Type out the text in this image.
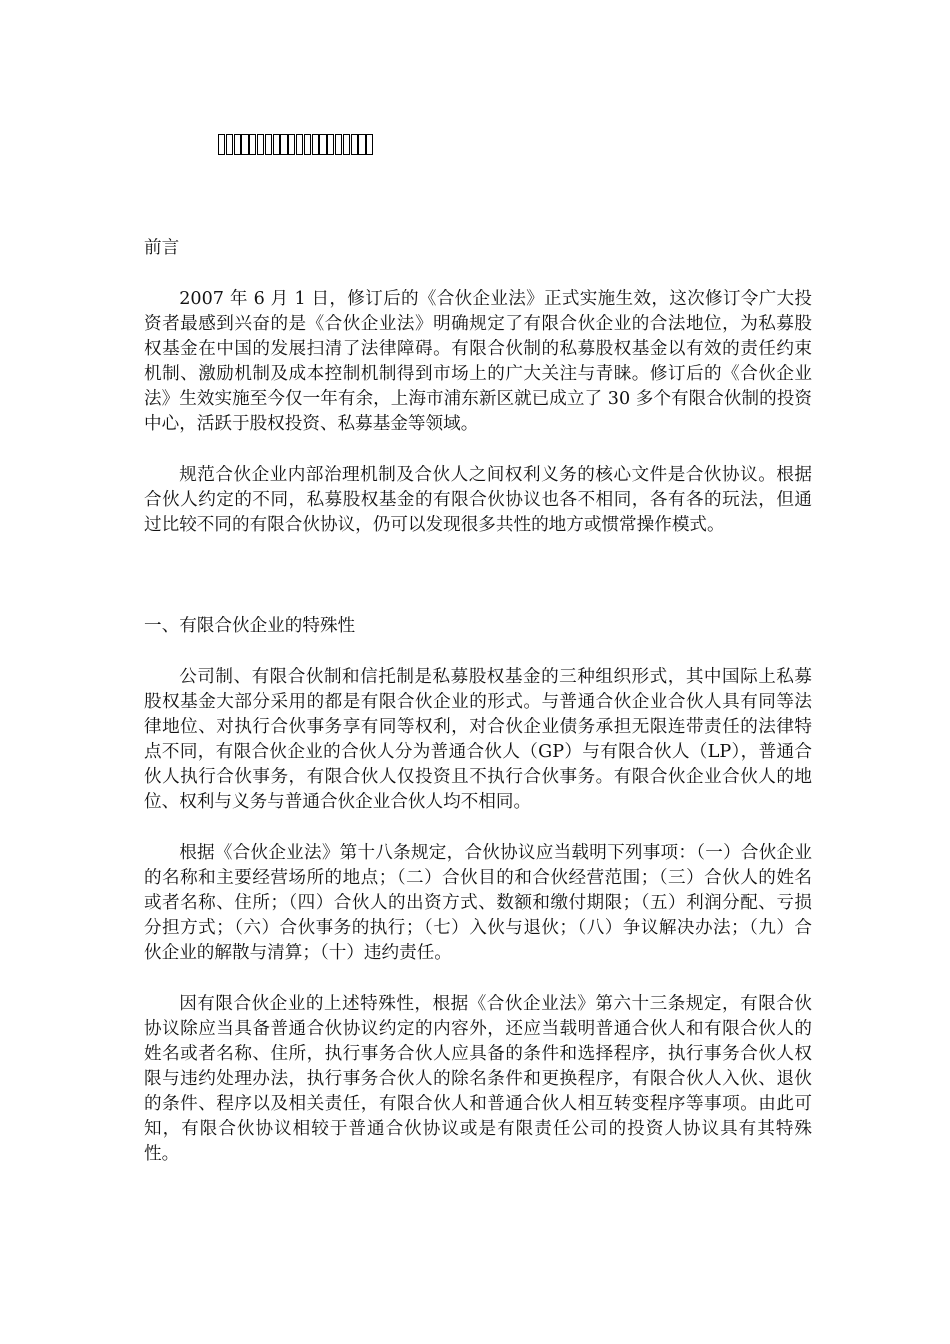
前言

2007 年 6 月 1 日，修订后的《合伙企业法》正式实施生效，这次修订令广大投资者最感到兴奋的是《合伙企业法》明确规定了有限合伙企业的合法地位，为私募股权基金在中国的发展扫清了法律障碍。有限合伙制的私募股权基金以有效的责任约束机制、激励机制及成本控制机制得到市场上的广大关注与青睐。修订后的《合伙企业法》生效实施至今仅一年有余，上海市浦东新区就已成立了 30 多个有限合伙制的投资中心，活跃于股权投资、私募基金等领域。

规范合伙企业内部治理机制及合伙人之间权利义务的核心文件是合伙协议。根据合伙人约定的不同，私募股权基金的有限合伙协议也各不相同，各有各的玩法，但通过比较不同的有限合伙协议，仍可以发现很多共性的地方或惯常操作模式。

一、有限合伙企业的特殊性

公司制、有限合伙制和信托制是私募股权基金的三种组织形式，其中国际上私募股权基金大部分采用的都是有限合伙企业的形式。与普通合伙企业合伙人具有同等法律地位、对执行合伙事务享有同等权利，对合伙企业债务承担无限连带责任的法律特点不同，有限合伙企业的合伙人分为普通合伙人（GP）与有限合伙人（LP），普通合伙人执行合伙事务，有限合伙人仅投资且不执行合伙事务。有限合伙企业合伙人的地位、权利与义务与普通合伙企业合伙人均不相同。

根据《合伙企业法》第十八条规定，合伙协议应当载明下列事项：（一）合伙企业的名称和主要经营场所的地点；（二）合伙目的和合伙经营范围；（三）合伙人的姓名或者名称、住所；（四）合伙人的出资方式、数额和缴付期限；（五）利润分配、亏损分担方式；（六）合伙事务的执行；（七）入伙与退伙；（八）争议解决办法；（九）合伙企业的解散与清算；（十）违约责任。

因有限合伙企业的上述特殊性，根据《合伙企业法》第六十三条规定，有限合伙协议除应当具备普通合伙协议约定的内容外，还应当载明普通合伙人和有限合伙人的姓名或者名称、住所，执行事务合伙人应具备的条件和选择程序，执行事务合伙人权限与违约处理办法，执行事务合伙人的除名条件和更换程序，有限合伙人入伙、退伙的条件、程序以及相关责任，有限合伙人和普通合伙人相互转变程序等事项。由此可知，有限合伙协议相较于普通合伙协议或是有限责任公司的投资人协议具有其特殊性。
